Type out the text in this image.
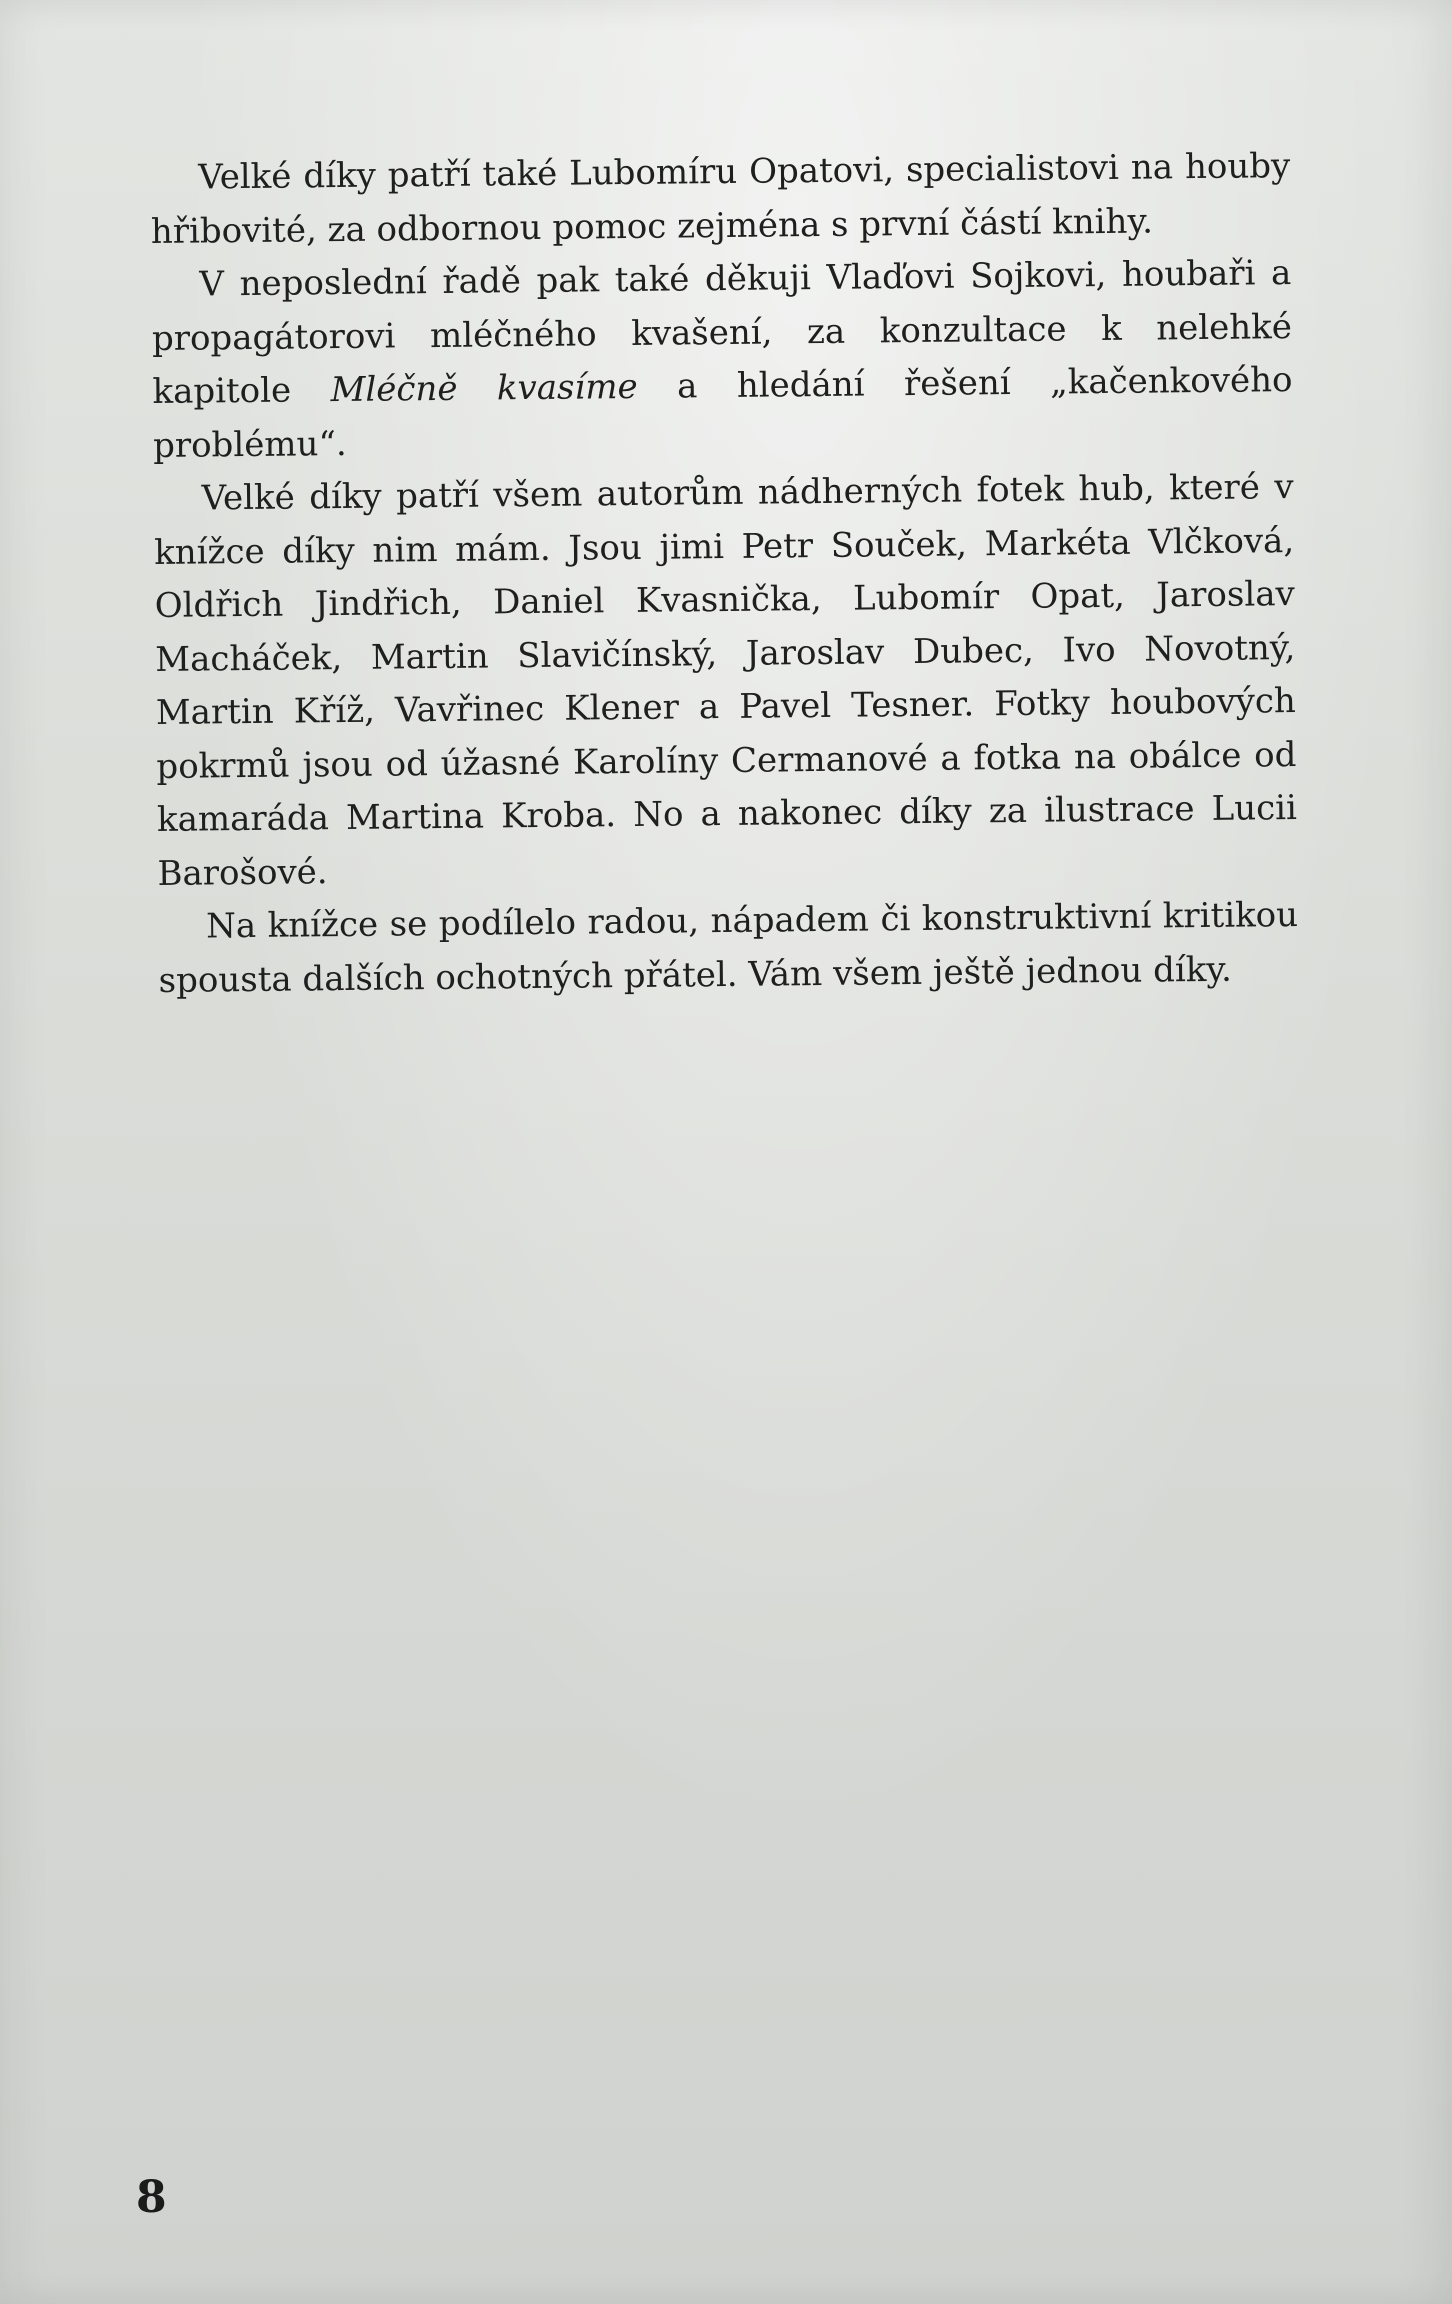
Velké díky patří také Lubomíru Opatovi, specialistovi na houby hřibovité, za odbornou pomoc zejména s první částí knihy.

V neposlední řadě pak také děkuji Vlaďovi Sojkovi, houbaři a propagátorovi mléčného kvašení, za konzultace k nelehké kapitole Mléčně kvasíme a hledání řešení „kačenkového problému“.

Velké díky patří všem autorům nádherných fotek hub, které v knížce díky nim mám. Jsou jimi Petr Souček, Markéta Vlčková, Oldřich Jindřich, Daniel Kvasnička, Lubomír Opat, Jaroslav Macháček, Martin Slavičínský, Jaroslav Dubec, Ivo Novotný, Martin Kříž, Vavřinec Klener a Pavel Tesner. Fotky houbových pokrmů jsou od úžasné Karolíny Cermanové a fotka na obálce od kamaráda Martina Kroba. No a nakonec díky za ilustrace Lucii Barošové.

Na knížce se podílelo radou, nápadem či konstruktivní kritikou spousta dalších ochotných přátel. Vám všem ještě jednou díky.

8
